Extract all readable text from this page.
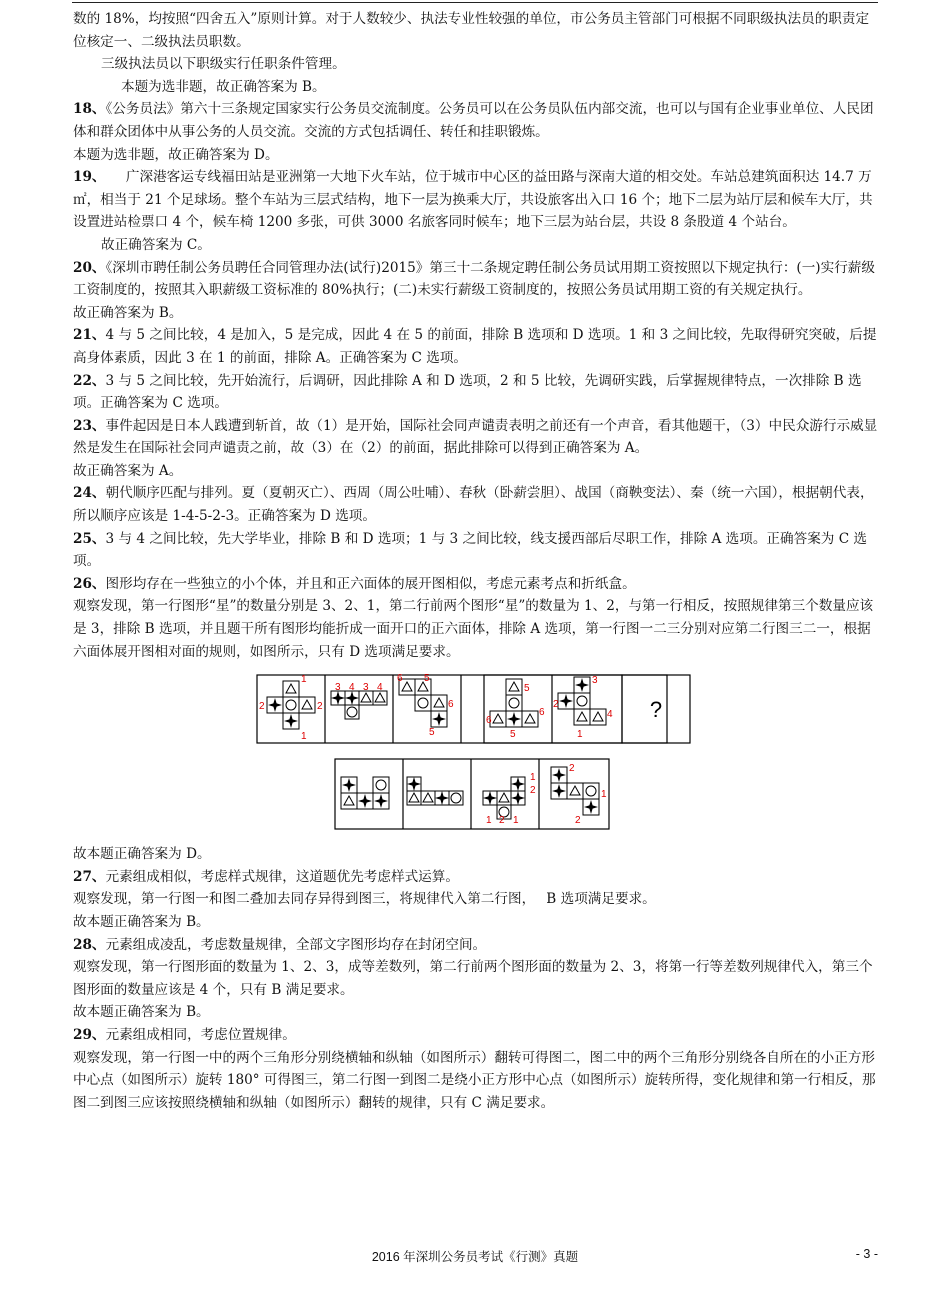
数的 18%，均按照“四舍五入”原则计算。对于人数较少、执法专业性较强的单位，市公务员主管部门可根据不同职级执法员的职责定位核定一、二级执法员职数。

三级执法员以下职级实行任职条件管理。

本题为选非题，故正确答案为 B。

18、《公务员法》第六十三条规定国家实行公务员交流制度。公务员可以在公务员队伍内部交流，也可以与国有企业事业单位、人民团体和群众团体中从事公务的人员交流。交流的方式包括调任、转任和挂职锻炼。

本题为选非题，故正确答案为 D。

19、　　广深港客运专线福田站是亚洲第一大地下火车站，位于城市中心区的益田路与深南大道的相交处。车站总建筑面积达 14.7 万㎡，相当于 21 个足球场。整个车站为三层式结构，地下一层为换乘大厅，共设旅客出入口 16 个；地下二层为站厅层和候车大厅，共设置进站检票口 4 个，候车椅 1200 多张，可供 3000 名旅客同时候车；地下三层为站台层，共设 8 条股道 4 个站台。

故正确答案为 C。

20、《深圳市聘任制公务员聘任合同管理办法(试行)2015》第三十二条规定聘任制公务员试用期工资按照以下规定执行：(一)实行薪级工资制度的，按照其入职薪级工资标准的 80%执行；(二)未实行薪级工资制度的，按照公务员试用期工资的有关规定执行。

故正确答案为 B。

21、4 与 5 之间比较，4 是加入，5 是完成，因此 4 在 5 的前面，排除 B 选项和 D 选项。1 和 3 之间比较，先取得研究突破，后提高身体素质，因此 3 在 1 的前面，排除 A。正确答案为 C 选项。

22、3 与 5 之间比较，先开始流行，后调研，因此排除 A 和 D 选项，2 和 5 比较，先调研实践，后掌握规律特点，一次排除 B 选项。正确答案为 C 选项。

23、事件起因是日本人践遭到斩首，故（1）是开始，国际社会同声谴责表明之前还有一个声音，看其他题干，（3）中民众游行示威显然是发生在国际社会同声谴责之前，故（3）在（2）的前面，据此排除可以得到正确答案为 A。

故正确答案为 A。

24、朝代顺序匹配与排列。夏（夏朝灭亡）、西周（周公吐哺）、春秋（卧薪尝胆）、战国（商鞅变法）、秦（统一六国），根据朝代表，所以顺序应该是 1-4-5-2-3。正确答案为 D 选项。

25、3 与 4 之间比较，先大学毕业，排除 B 和 D 选项；1 与 3 之间比较，线支援西部后尽职工作，排除 A 选项。正确答案为 C 选项。

26、图形均存在一些独立的小个体，并且和正六面体的展开图相似，考虑元素考点和折纸盒。

观察发现，第一行图形“星”的数量分别是 3、2、1，第二行前两个图形“星”的数量为 1、2，与第一行相反，按照规律第三个数量应该是 3，排除 B 选项，并且题干所有图形均能折成一面开口的正六面体，排除 A 选项，第一行图一二三分别对应第二行图三二一，根据六面体展开图相对面的规则，如图所示，只有 D 选项满足要求。

?
1
2	2
1
3 4 3 4
6 5
6
5
5
6
6
5
3
4
2
1
1
2
1 2 1
2
1
2

故本题正确答案为 D。

27、元素组成相似，考虑样式规律，这道题优先考虑样式运算。

观察发现，第一行图一和图二叠加去同存异得到图三，将规律代入第二行图，　 B 选项满足要求。

故本题正确答案为 B。

28、元素组成凌乱，考虑数量规律，全部文字图形均存在封闭空间。

观察发现，第一行图形面的数量为 1、2、3，成等差数列，第二行前两个图形面的数量为 2、3，将第一行等差数列规律代入，第三个图形面的数量应该是 4 个，只有 B 满足要求。

故本题正确答案为 B。

29、元素组成相同，考虑位置规律。

观察发现，第一行图一中的两个三角形分别绕横轴和纵轴（如图所示）翻转可得图二，图二中的两个三角形分别绕各自所在的小正方形中心点（如图所示）旋转 180° 可得图三，第二行图一到图二是绕小正方形中心点（如图所示）旋转所得，变化规律和第一行相反，那图二到图三应该按照绕横轴和纵轴（如图所示）翻转的规律，只有 C 满足要求。

2016 年深圳公务员考试《行测》真题	- 3 -
